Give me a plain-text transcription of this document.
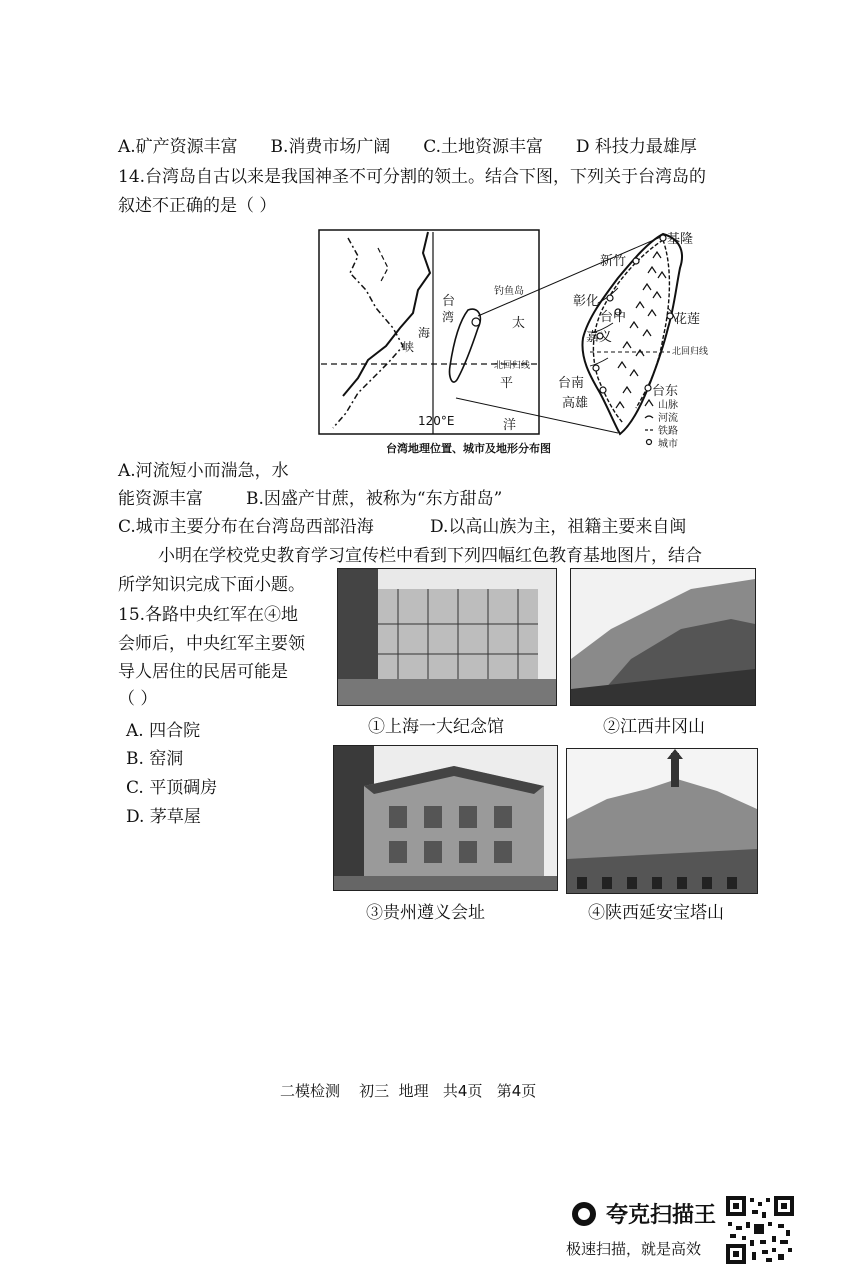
A.矿产资源丰富 B.消费市场广阔 C.土地资源丰富 D 科技力最雄厚
14.台湾岛自古以来是我国神圣不可分割的领土。结合下图，下列关于台湾岛的
叙述不正确的是（ ）
台
湾
海
峡
钓鱼岛
太
北回归线
平
洋
120°E
基隆
新竹
彰化
台中	花莲
嘉义
北回归线
台南
高雄
台东
山脉
河流
铁路
城市
台湾地理位置、城市及地形分布图
A.河流短小而湍急，水
能资源丰富	B.因盛产甘蔗，被称为“东方甜岛”
C.城市主要分布在台湾岛西部沿海	D.以高山族为主，祖籍主要来自闽
小明在学校党史教育学习宣传栏中看到下列四幅红色教育基地图片，结合
所学知识完成下面小题。
15.各路中央红军在④地
会师后，中央红军主要领
导人居住的民居可能是
（ ）
A. 四合院
B. 窑洞
C. 平顶碉房
D. 茅草屋
①上海一大纪念馆	②江西井冈山
③贵州遵义会址	④陕西延安宝塔山
二模检测    初三  地理   共4页   第4页
夸克扫描王
极速扫描，就是高效
